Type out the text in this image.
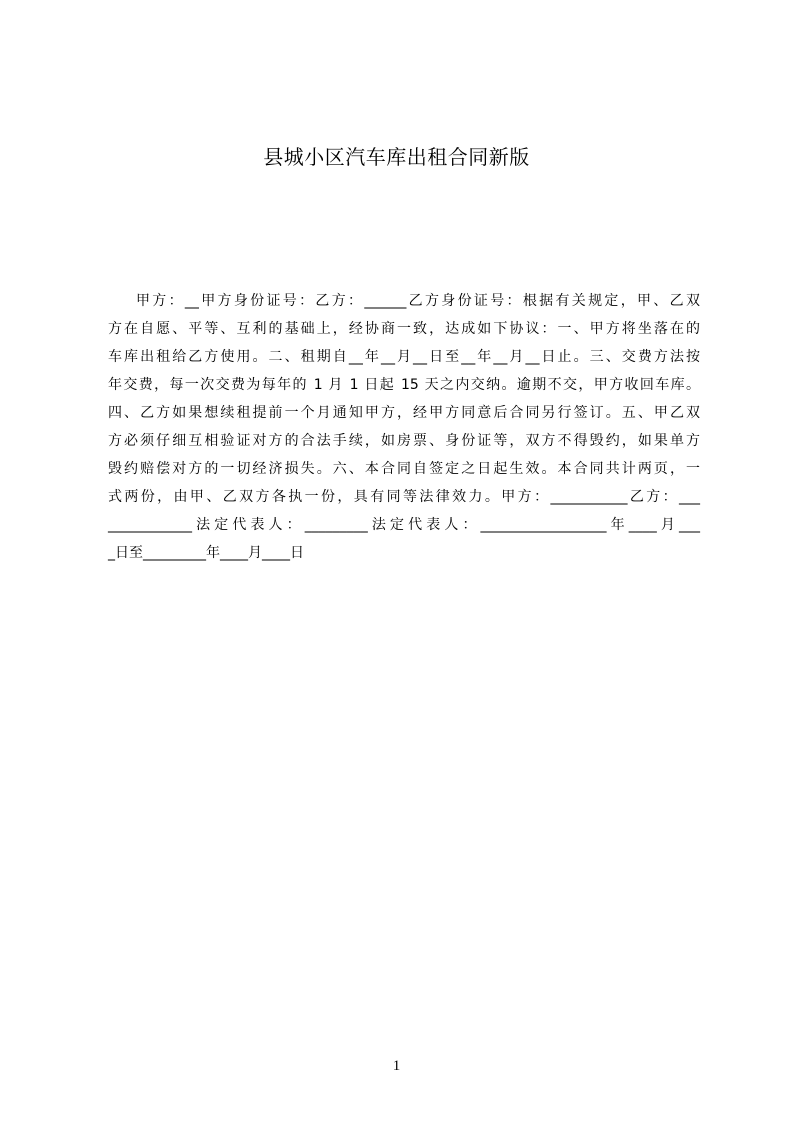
县城小区汽车库出租合同新版
甲方：__甲方身份证号：乙方：______乙方身份证号：根据有关规定，甲、乙双
方在自愿、平等、互利的基础上，经协商一致，达成如下协议：一、甲方将坐落在的
车库出租给乙方使用。二、租期自__年__月__日至__年__月__日止。三、交费方法按
年交费，每一次交费为每年的 1 月 1 日起 15 天之内交纳。逾期不交，甲方收回车库。
四、乙方如果想续租提前一个月通知甲方，经甲方同意后合同另行签订。五、甲乙双
方必须仔细互相验证对方的合法手续，如房票、身份证等，双方不得毁约，如果单方
毁约赔偿对方的一切经济损失。六、本合同自签定之日起生效。本合同共计两页，一
式两份，由甲、乙双方各执一份，具有同等法律效力。甲方：___________乙方：___
____________法定代表人：_________法定代表人：__________________年____月___
_日至_________年____月____日
1
